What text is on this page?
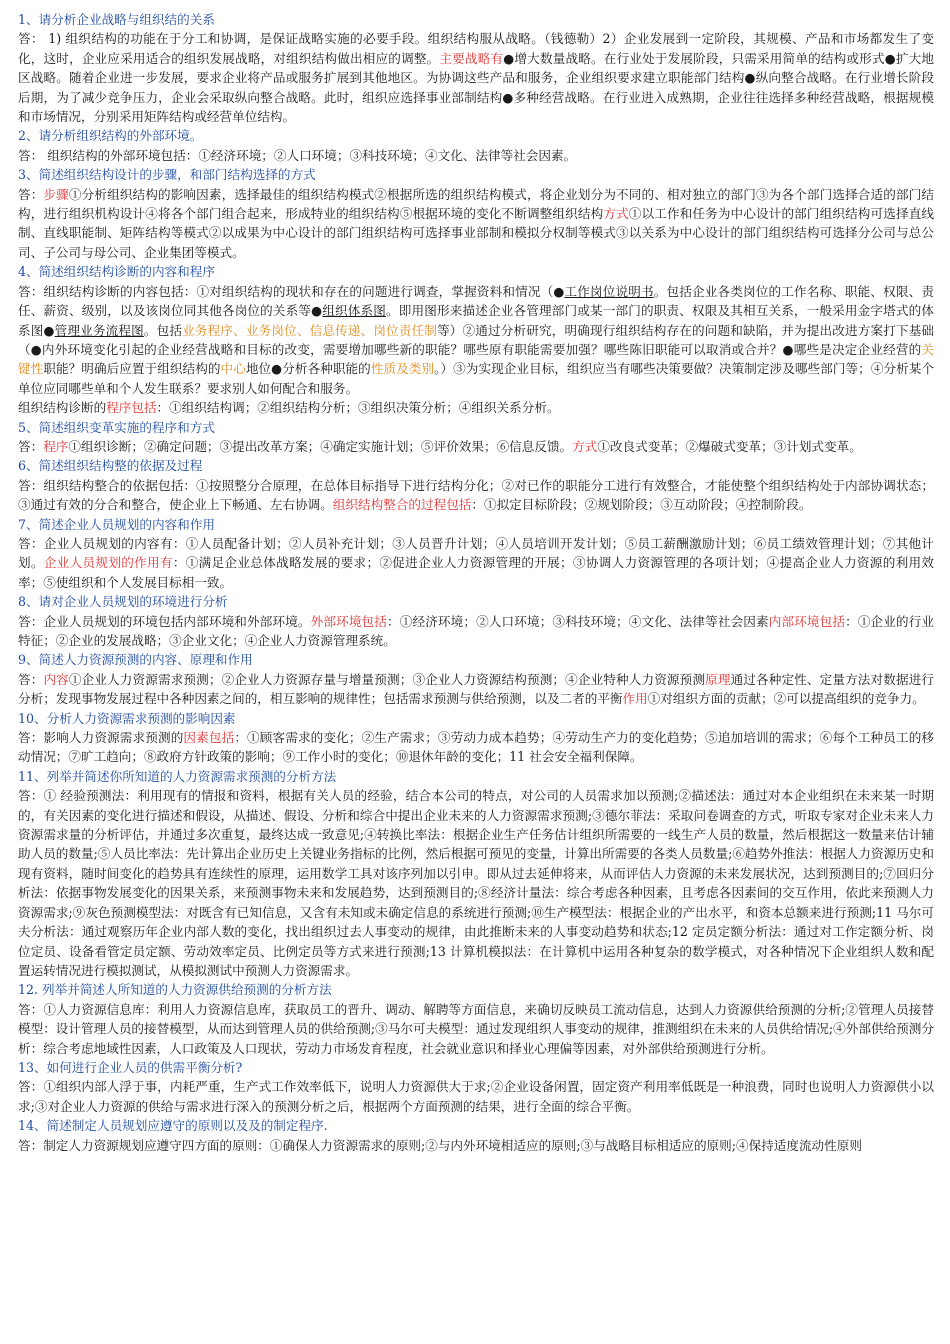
1、请分析企业战略与组织结的关系

答： 1) 组织结构的功能在于分工和协调，是保证战略实施的必要手段。组织结构服从战略。（钱德勒）2）企业发展到一定阶段，其规模、产品和市场都发生了变化，这时，企业应采用适合的组织发展战略，对组织结构做出相应的调整。主要战略有●增大数量战略。在行业处于发展阶段，只需采用简单的结构或形式●扩大地区战略。随着企业进一步发展，要求企业将产品或服务扩展到其他地区。为协调这些产品和服务，企业组织要求建立职能部门结构●纵向整合战略。在行业增长阶段后期，为了减少竞争压力，企业会采取纵向整合战略。此时，组织应选择事业部制结构●多种经营战略。在行业进入成熟期，企业往往选择多种经营战略，根据规模和市场情况，分别采用矩阵结构或经营单位结构。

2、请分析组织结构的外部环境。

答： 组织结构的外部环境包括：①经济环境；②人口环境；③科技环境；④文化、法律等社会因素。

3、简述组织结构设计的步骤，和部门结构选择的方式

答：步骤①分析组织结构的影响因素，选择最佳的组织结构模式②根据所选的组织结构模式，将企业划分为不同的、相对独立的部门③为各个部门选择合适的部门结构，进行组织机构设计④将各个部门组合起来，形成特业的组织结构⑤根据环境的变化不断调整组织结构方式①以工作和任务为中心设计的部门组织结构可选择直线制、直线职能制、矩阵结构等模式②以成果为中心设计的部门组织结构可选择事业部制和模拟分权制等模式③以关系为中心设计的部门组织结构可选择分公司与总公司、子公司与母公司、企业集团等模式。

4、简述组织结构诊断的内容和程序

答：组织结构诊断的内容包括：①对组织结构的现状和存在的问题进行调查，掌握资料和情况（●工作岗位说明书。包括企业各类岗位的工作名称、职能、权限、责任、薪资、级别，以及该岗位同其他各岗位的关系等●组织体系图。即用图形来描述企业各管理部门或某一部门的职责、权限及其相互关系，一般采用金字塔式的体系图●管理业务流程图。包括业务程序、业务岗位、信息传递、岗位责任制等）②通过分析研究，明确现行组织结构存在的问题和缺陷，并为提出改进方案打下基础（●内外环境变化引起的企业经营战略和目标的改变，需要增加哪些新的职能？哪些原有职能需要加强？哪些陈旧职能可以取消或合并？●哪些是决定企业经营的关键性职能？明确后应置于组织结构的中心地位●分析各种职能的性质及类别。）③为实现企业目标，组织应当有哪些决策要做？决策制定涉及哪些部门等；④分析某个单位应同哪些单和个人发生联系？要求别人如何配合和服务。
组织结构诊断的程序包括：①组织结构调；②组织结构分析；③组织决策分析；④组织关系分析。

5、简述组织变革实施的程序和方式

答：程序①组织诊断；②确定问题；③提出改革方案；④确定实施计划；⑤评价效果；⑥信息反馈。方式①改良式变革；②爆破式变革；③计划式变革。

6、简述组织结构整的依据及过程

答：组织结构整合的依据包括：①按照整分合原理，在总体目标指导下进行结构分化；②对已作的职能分工进行有效整合，才能使整个组织结构处于内部协调状态；③通过有效的分合和整合，使企业上下畅通、左右协调。组织结构整合的过程包括：①拟定目标阶段；②规划阶段；③互动阶段；④控制阶段。

7、简述企业人员规划的内容和作用

答：企业人员规划的内容有：①人员配备计划；②人员补充计划；③人员晋升计划；④人员培训开发计划；⑤员工薪酬激励计划；⑥员工绩效管理计划；⑦其他计划。企业人员规划的作用有：①满足企业总体战略发展的要求；②促进企业人力资源管理的开展；③协调人力资源管理的各项计划；④提高企业人力资源的利用效率；⑤使组织和个人发展目标相一致。

8、请对企业人员规划的环境进行分析

答：企业人员规划的环境包括内部环境和外部环境。外部环境包括：①经济环境；②人口环境；③科技环境；④文化、法律等社会因素内部环境包括：①企业的行业特征；②企业的发展战略；③企业文化；④企业人力资源管理系统。

9、简述人力资源预测的内容、原理和作用

答：内容①企业人力资源需求预测；②企业人力资源存量与增量预测；③企业人力资源结构预测；④企业特种人力资源预测原理通过各种定性、定量方法对数据进行分析；发现事物发展过程中各种因素之间的，相互影响的规律性；包括需求预测与供给预测，以及二者的平衡作用①对组织方面的贡献；②可以提高组织的竞争力。

10、分析人力资源需求预测的影响因素

答：影响人力资源需求预测的因素包括：①顾客需求的变化；②生产需求；③劳动力成本趋势；④劳动生产力的变化趋势；⑤追加培训的需求；⑥每个工种员工的移动情况；⑦旷工趋向；⑧政府方针政策的影响；⑨工作小时的变化；⑩退休年龄的变化；11 社会安全福利保障。

11、列举并简述你所知道的人力资源需求预测的分析方法

答：① 经验预测法：利用现有的情报和资料，根据有关人员的经验，结合本公司的特点，对公司的人员需求加以预测;②描述法：通过对本企业组织在未来某一时期的，有关因素的变化进行描述和假设，从描述、假设、分析和综合中提出企业未来的人力资源需求预测;③德尔菲法：采取问卷调查的方式，听取专家对企业未来人力资源需求量的分析评估，并通过多次重复，最终达成一致意见;④转换比率法：根据企业生产任务估计组织所需要的一线生产人员的数量，然后根据这一数量来估计辅助人员的数量;⑤人员比率法：先计算出企业历史上关键业务指标的比例，然后根据可预见的变量，计算出所需要的各类人员数量;⑥趋势外推法：根据人力资源历史和现有资料，随时间变化的趋势具有连续性的原理，运用数学工具对该序列加以引申。即从过去延伸将来，从而评估人力资源的未来发展状况，达到预测目的;⑦回归分析法：依据事物发展变化的因果关系，来预测事物未来和发展趋势，达到预测目的;⑧经济计量法：综合考虑各种因素，且考虑各因素间的交互作用，依此来预测人力资源需求;⑨灰色预测模型法：对既含有已知信息，又含有未知或未确定信息的系统进行预测;⑩生产模型法：根据企业的产出水平，和资本总额来进行预测;11 马尔可夫分析法：通过观察历年企业内部人数的变化，找出组织过去人事变动的规律，由此推断未来的人事变动趋势和状态;12 定员定额分析法：通过对工作定额分析、岗位定员、设备看管定员定额、劳动效率定员、比例定员等方式来进行预测;13 计算机模拟法：在计算机中运用各种复杂的数学模式，对各种情况下企业组织人数和配置运转情况进行模拟测试，从模拟测试中预测人力资源需求。

12. 列举并简述人所知道的人力资源供给预测的分析方法

答：①人力资源信息库：利用人力资源信息库，获取员工的晋升、调动、解聘等方面信息，来确切反映员工流动信息，达到人力资源供给预测的分析;②管理人员接替模型：设计管理人员的接替模型，从而达到管理人员的供给预测;③马尔可夫模型：通过发现组织人事变动的规律，推测组织在未来的人员供给情况;④外部供给预测分析：综合考虑地域性因素，人口政策及人口现状，劳动力市场发育程度，社会就业意识和择业心理偏等因素，对外部供给预测进行分析。

13、如何进行企业人员的供需平衡分析?

答：①组织内部人浮于事，内耗严重，生产式工作效率低下，说明人力资源供大于求;②企业设备闲置，固定资产利用率低既是一种浪费，同时也说明人力资源供小以求;③对企业人力资源的供给与需求进行深入的预测分析之后，根据两个方面预测的结果，进行全面的综合平衡。

14、简述制定人员规划应遵守的原则以及及的制定程序.

答：制定人力资源规划应遵守四方面的原则：①确保人力资源需求的原则;②与内外环境相适应的原则;③与战略目标相适应的原则;④保持适度流动性原则
